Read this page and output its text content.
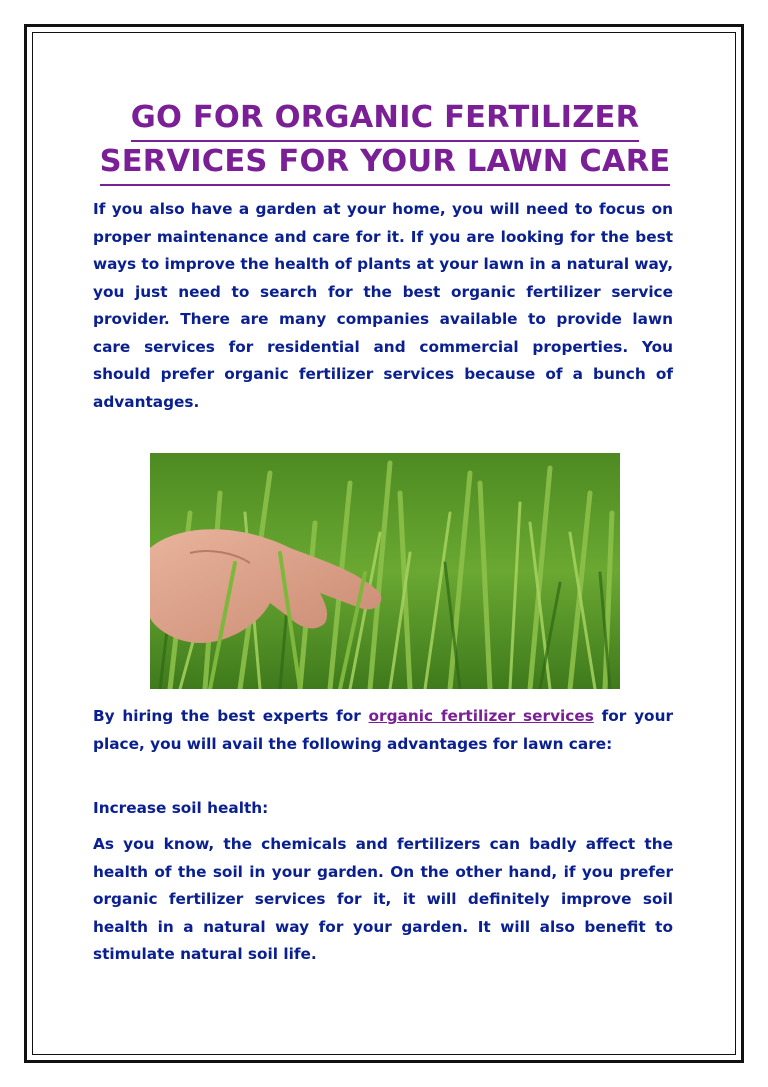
GO FOR ORGANIC FERTILIZER
SERVICES FOR YOUR LAWN CARE

If you also have a garden at your home, you will need to focus on proper maintenance and care for it. If you are looking for the best ways to improve the health of plants at your lawn in a natural way, you just need to search for the best organic fertilizer service provider. There are many companies available to provide lawn care services for residential and commercial properties. You should prefer organic fertilizer services because of a bunch of advantages.

By hiring the best experts for organic fertilizer services for your place, you will avail the following advantages for lawn care:

Increase soil health:

As you know, the chemicals and fertilizers can badly affect the health of the soil in your garden. On the other hand, if you prefer organic fertilizer services for it, it will definitely improve soil health in a natural way for your garden. It will also benefit to stimulate natural soil life.
